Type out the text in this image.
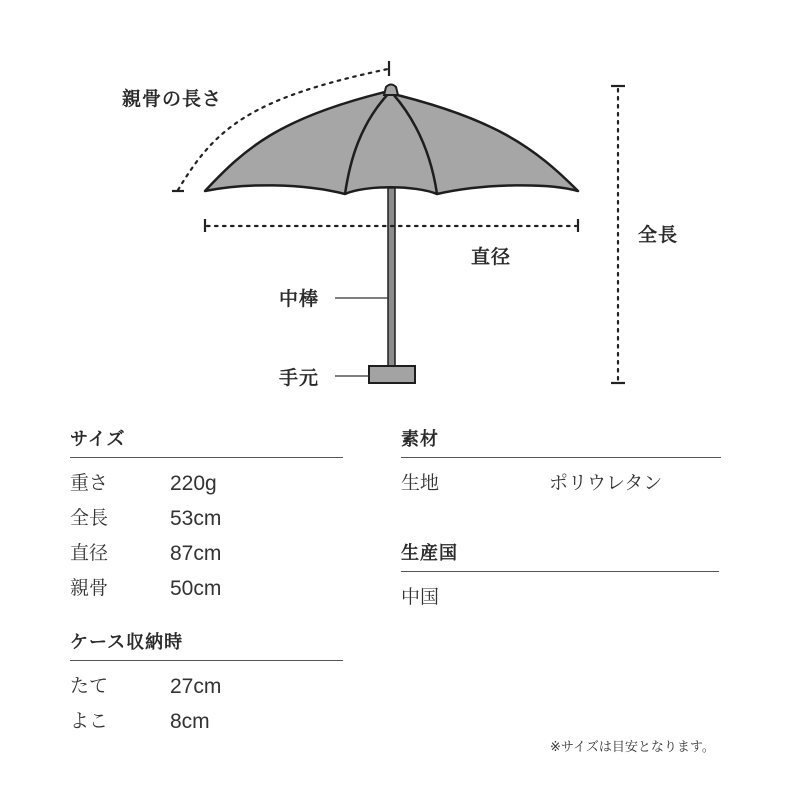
親骨の長さ
全長
直径
中棒
手元
サイズ
重さ	220g
全長	53cm
直径	87cm
親骨	50cm
ケース収納時
たて	27cm
よこ	8cm
素材
生地	ポリウレタン
生産国
中国
※サイズは目安となります。
